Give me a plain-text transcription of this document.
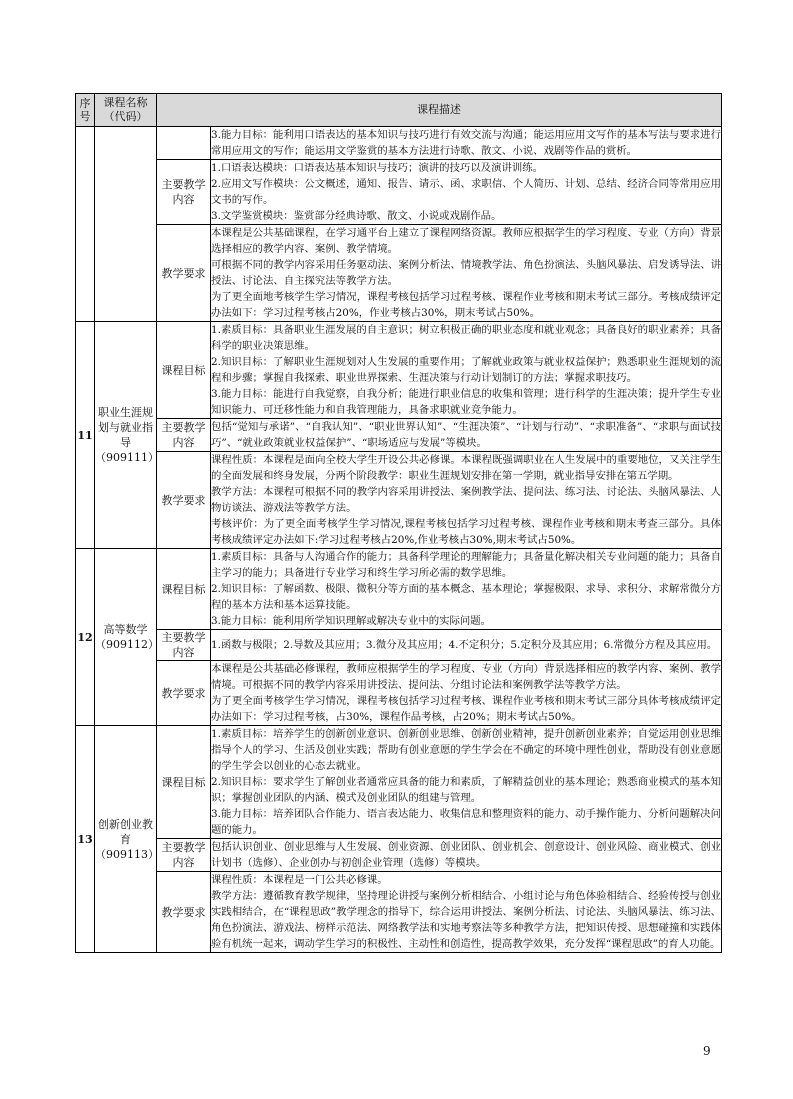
序号	课程名称（代码）	课程描述	

			3.能力目标：能利用口语表达的基本知识与技巧进行有效交流与沟通；能运用应用文写作的基本写法与要求进行常用应用文的写作；能运用文学鉴赏的基本方法进行诗歌、散文、小说、戏剧等作品的赏析。

		主要教学内容	1.口语表达模块：口语表达基本知识与技巧；演讲的技巧以及演讲训练。
2.应用文写作模块：公文概述，通知、报告、请示、函、求职信、个人简历、计划、总结、经济合同等常用应用文书的写作。
3.文学鉴赏模块：鉴赏部分经典诗歌、散文、小说或戏剧作品。

		教学要求	本课程是公共基础课程，在学习通平台上建立了课程网络资源。教师应根据学生的学习程度、专业（方向）背景选择相应的教学内容、案例、教学情境。
可根据不同的教学内容采用任务驱动法、案例分析法、情境教学法、角色扮演法、头脑风暴法、启发诱导法、讲授法、讨论法、自主探究法等教学方法。
为了更全面地考核学生学习情况，课程考核包括学习过程考核、课程作业考核和期末考试三部分。考核成绩评定办法如下：学习过程考核占20%，作业考核占30%，期末考试占50%。

11	职业生涯规划与就业指导（909111）	课程目标	1.素质目标：具备职业生涯发展的自主意识；树立积极正确的职业态度和就业观念；具备良好的职业素养；具备科学的职业决策思维。
2.知识目标：了解职业生涯规划对人生发展的重要作用；了解就业政策与就业权益保护；熟悉职业生涯规划的流程和步骤；掌握自我探索、职业世界探索、生涯决策与行动计划制订的方法；掌握求职技巧。
3.能力目标：能进行自我觉察，自我分析；能进行职业信息的收集和管理；进行科学的生涯决策；提升学生专业知识能力、可迁移性能力和自我管理能力，具备求职就业竞争能力。

		主要教学内容	包括“觉知与承诺”、“自我认知”、“职业世界认知”、“生涯决策”、“计划与行动”、“求职准备”、“求职与面试技巧”、“就业政策就业权益保护”、“职场适应与发展”等模块。

		教学要求	课程性质：本课程是面向全校大学生开设公共必修课。本课程既强调职业在人生发展中的重要地位，又关注学生的全面发展和终身发展，分两个阶段教学：职业生涯规划安排在第一学期，就业指导安排在第五学期。
教学方法：本课程可根据不同的教学内容采用讲授法、案例教学法、提问法、练习法、讨论法、头脑风暴法、人物访谈法、游戏法等教学方法。
考核评价：为了更全面考核学生学习情况,课程考核包括学习过程考核、课程作业考核和期末考查三部分。具体考核成绩评定办法如下:学习过程考核占20%,作业考核占30%,期末考试占50%。

12	高等数学（909112）	课程目标	1.素质目标：具备与人沟通合作的能力；具备科学理论的理解能力；具备量化解决相关专业问题的能力；具备自主学习的能力；具备进行专业学习和终生学习所必需的数学思维。
2.知识目标：了解函数、极限、微积分等方面的基本概念、基本理论；掌握极限、求导、求积分、求解常微分方程的基本方法和基本运算技能。
3.能力目标：能利用所学知识理解或解决专业中的实际问题。

		主要教学内容	1.函数与极限；2.导数及其应用；3.微分及其应用；4.不定积分；5.定积分及其应用；6.常微分方程及其应用。

		教学要求	本课程是公共基础必修课程，教师应根据学生的学习程度、专业（方向）背景选择相应的教学内容、案例、教学情境。可根据不同的教学内容采用讲授法、提问法、分组讨论法和案例教学法等教学方法。
为了更全面考核学生学习情况，课程考核包括学习过程考核、课程作业考核和期末考试三部分具体考核成绩评定办法如下：学习过程考核，占30%，课程作品考核，占20%；期末考试占50%。

13	创新创业教育（909113）	课程目标	1.素质目标：培养学生的创新创业意识、创新创业思维、创新创业精神，提升创新创业素养；自觉运用创业思维指导个人的学习、生活及创业实践；帮助有创业意愿的学生学会在不确定的环境中理性创业，帮助没有创业意愿的学生学会以创业的心态去就业。
2.知识目标：要求学生了解创业者通常应具备的能力和素质，了解精益创业的基本理论；熟悉商业模式的基本知识；掌握创业团队的内涵、模式及创业团队的组建与管理。
3.能力目标：培养团队合作能力、语言表达能力、收集信息和整理资料的能力、动手操作能力、分析问题解决问题的能力。

		主要教学内容	包括认识创业、创业思维与人生发展、创业资源、创业团队、创业机会、创意设计、创业风险、商业模式、创业计划书（选修）、企业创办与初创企业管理（选修）等模块。

		教学要求	课程性质：本课程是一门公共必修课。
教学方法：遵循教育教学规律，坚持理论讲授与案例分析相结合、小组讨论与角色体验相结合、经验传授与创业实践相结合，在“课程思政”教学理念的指导下，综合运用讲授法、案例分析法、讨论法、头脑风暴法、练习法、角色扮演法、游戏法、榜样示范法、网络教学法和实地考察法等多种教学方法，把知识传授、思想碰撞和实践体验有机统一起来，调动学生学习的积极性、主动性和创造性，提高教学效果，充分发挥“课程思政”的育人功能。
9
